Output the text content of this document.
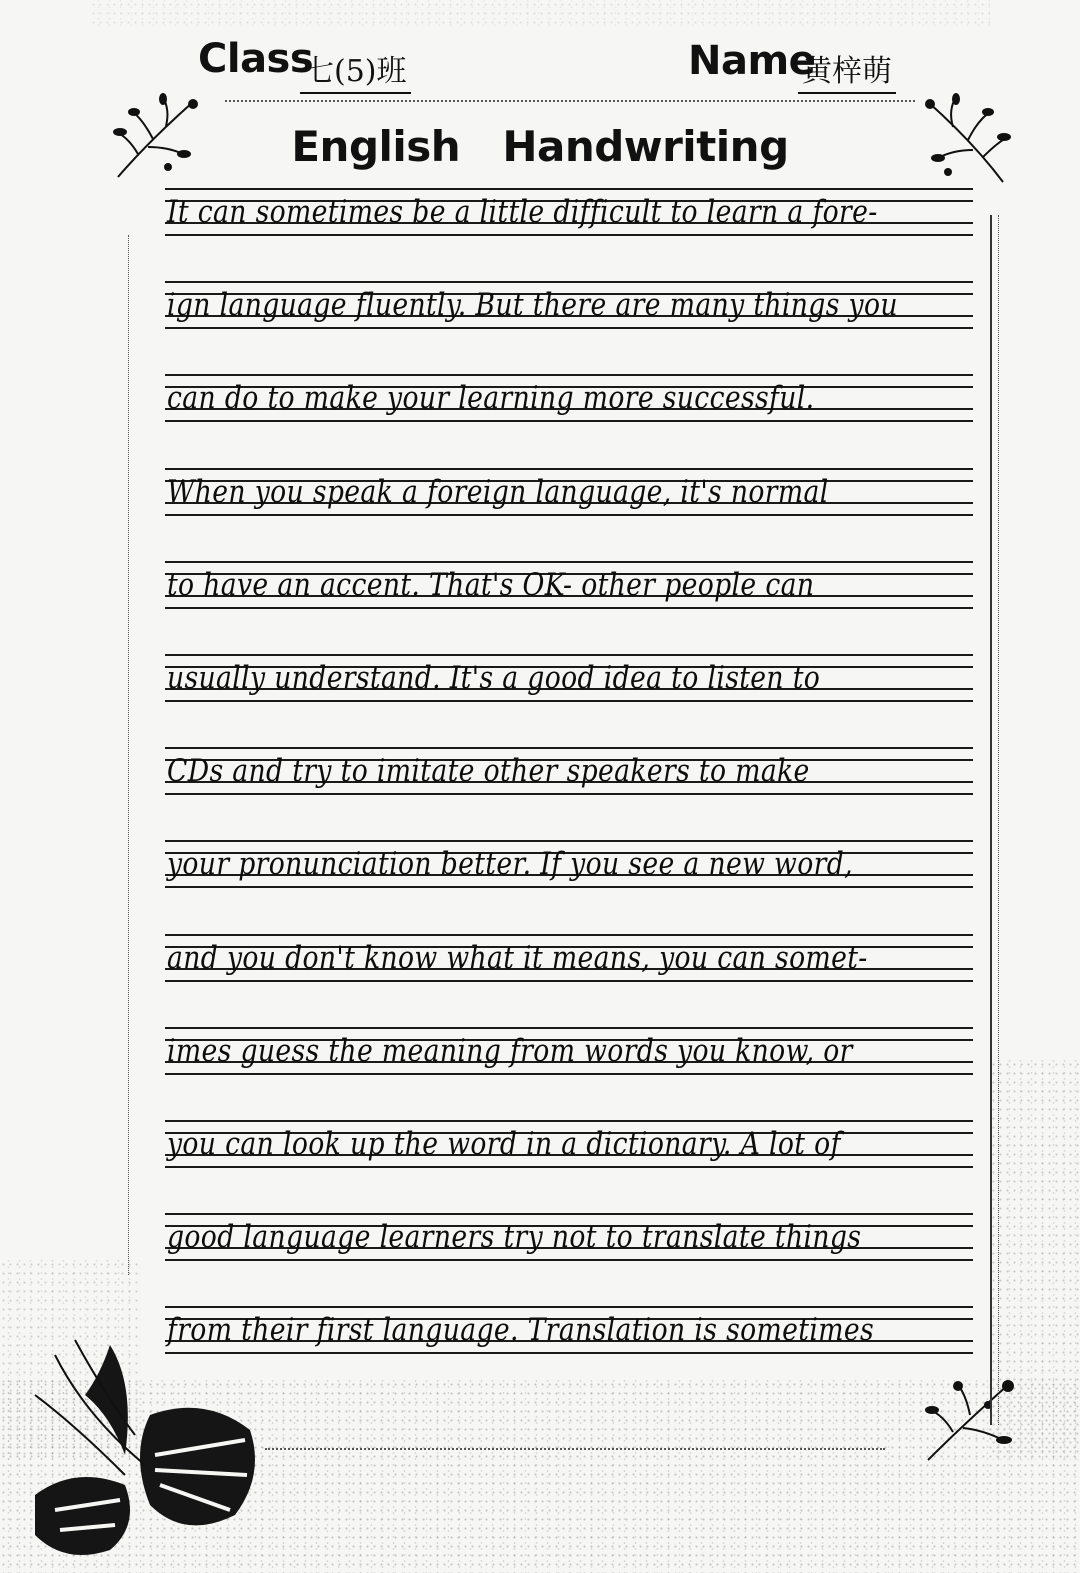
Class
七(5)班	Name
黄梓萌
English Handwriting
It can sometimes be a little difficult to learn a fore-
ign language fluently. But there are many things you
can do to make your learning more successful.
When you speak a foreign language, it's normal
to have an accent. That's OK- other people can
usually understand. It's a good idea to listen to
CDs and try to imitate other speakers to make
your pronunciation better. If you see a new word,
and you don't know what it means, you can somet-
imes guess the meaning from words you know, or
you can look up the word in a dictionary. A lot of
good language learners try not to translate things
from their first language. Translation is sometimes
